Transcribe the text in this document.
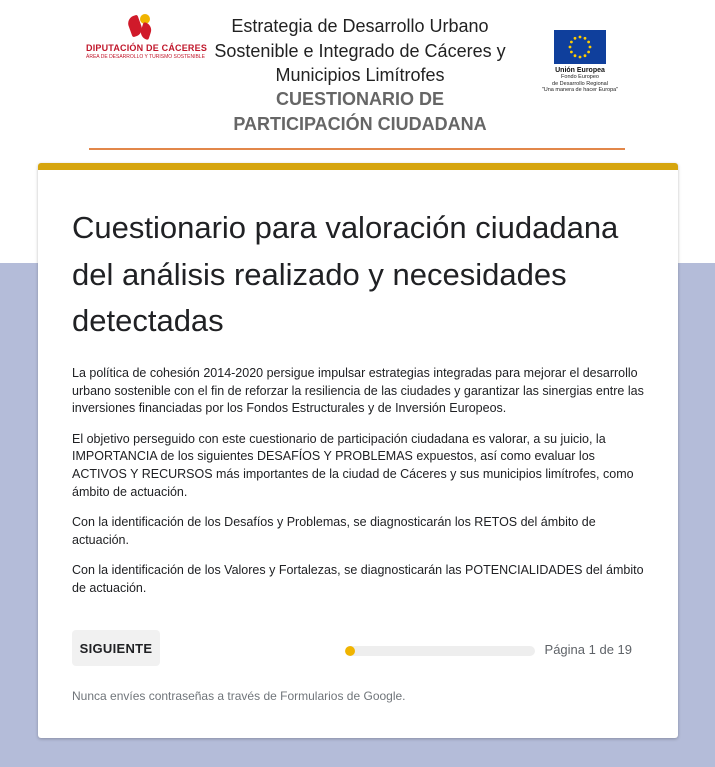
DIPUTACIÓN DE CÁCERES
ÁREA DE DESARROLLO Y TURISMO SOSTENIBLE
Estrategia de Desarrollo Urbano
Sostenible e Integrado de Cáceres y
Municipios Limítrofes
CUESTIONARIO DE
PARTICIPACIÓN CIUDADANA
Unión Europea
Fondo Europeo
de Desarrollo Regional
"Una manera de hacer Europa"
Cuestionario para valoración ciudadana del análisis realizado y necesidades detectadas

La política de cohesión 2014-2020 persigue impulsar estrategias integradas para mejorar el desarrollo urbano sostenible con el fin de reforzar la resiliencia de las ciudades y garantizar las sinergias entre las inversiones financiadas por los Fondos Estructurales y de Inversión Europeos.

El objetivo perseguido con este cuestionario de participación ciudadana es valorar, a su juicio, la IMPORTANCIA de los siguientes DESAFÍOS Y PROBLEMAS expuestos, así como evaluar los ACTIVOS Y RECURSOS más importantes de la ciudad de Cáceres y sus municipios limítrofes, como ámbito de actuación.

Con la identificación de los Desafíos y Problemas, se diagnosticarán los RETOS del ámbito de actuación.

Con la identificación de los Valores y Fortalezas, se diagnosticarán las POTENCIALIDADES del ámbito de actuación.

SIGUIENTE	Página 1 de 19
Nunca envíes contraseñas a través de Formularios de Google.
